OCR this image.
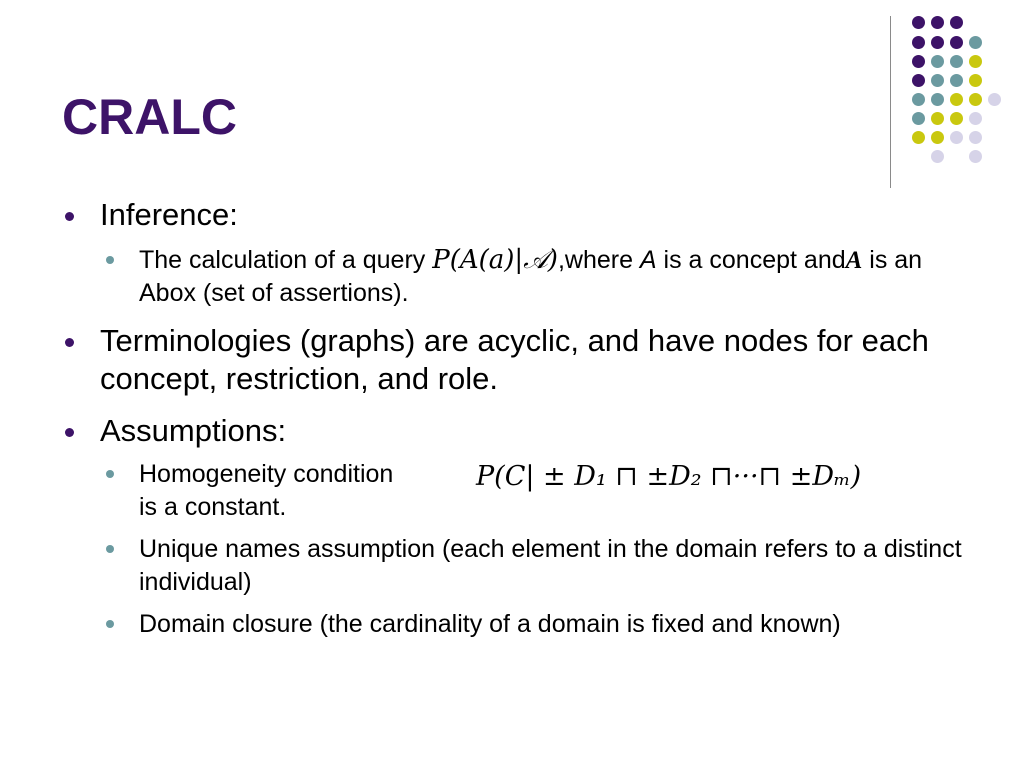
CRALC
Inference:
The calculation of a query P(A(a)|𝒜),where A is a concept andA is an Abox (set of assertions).
Terminologies (graphs) are acyclic, and have nodes for each concept, restriction, and role.
Assumptions:
Homogeneity condition
is a constant.
P(C| ± D₁ ⊓ ±D₂ ⊓···⊓ ±Dₘ)
Unique names assumption (each element in the domain refers to a distinct individual)
Domain closure (the cardinality of a domain is fixed and known)
